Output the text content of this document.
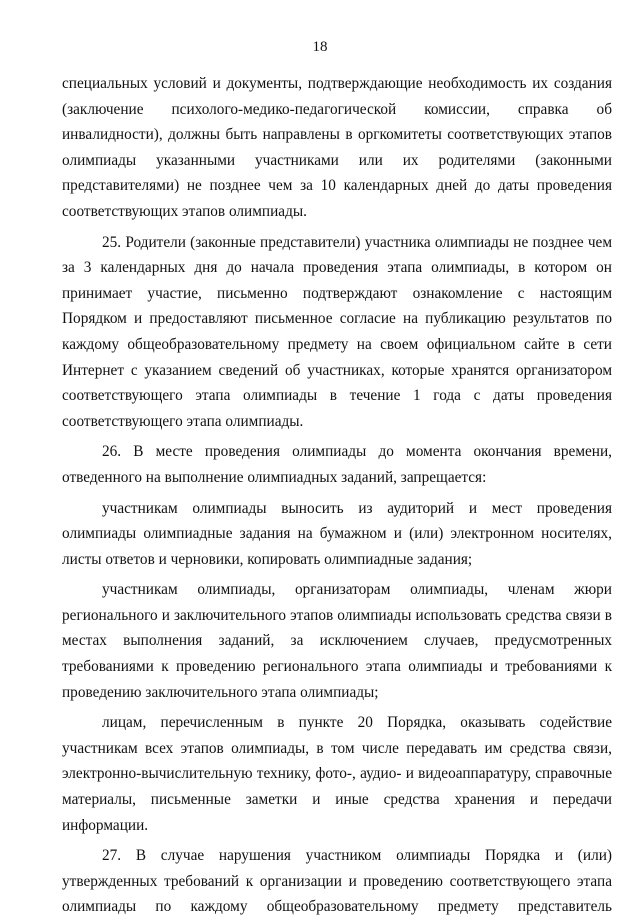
18

специальных условий и документы, подтверждающие необходимость их создания (заключение психолого-медико-педагогической комиссии, справка об инвалидности), должны быть направлены в оргкомитеты соответствующих этапов олимпиады указанными участниками или их родителями (законными представителями) не позднее чем за 10 календарных дней до даты проведения соответствующих этапов олимпиады.

25. Родители (законные представители) участника олимпиады не позднее чем за 3 календарных дня до начала проведения этапа олимпиады, в котором он принимает участие, письменно подтверждают ознакомление с настоящим Порядком и предоставляют письменное согласие на публикацию результатов по каждому общеобразовательному предмету на своем официальном сайте в сети Интернет с указанием сведений об участниках, которые хранятся организатором соответствующего этапа олимпиады в течение 1 года с даты проведения соответствующего этапа олимпиады.

26. В месте проведения олимпиады до момента окончания времени, отведенного на выполнение олимпиадных заданий, запрещается:

участникам олимпиады выносить из аудиторий и мест проведения олимпиады олимпиадные задания на бумажном и (или) электронном носителях, листы ответов и черновики, копировать олимпиадные задания;

участникам олимпиады, организаторам олимпиады, членам жюри регионального и заключительного этапов олимпиады использовать средства связи в местах выполнения заданий, за исключением случаев, предусмотренных требованиями к проведению регионального этапа олимпиады и требованиями к проведению заключительного этапа олимпиады;

лицам, перечисленным в пункте 20 Порядка, оказывать содействие участникам всех этапов олимпиады, в том числе передавать им средства связи, электронно-вычислительную технику, фото-, аудио- и видеоаппаратуру, справочные материалы, письменные заметки и иные средства хранения и передачи информации.

27. В случае нарушения участником олимпиады Порядка и (или) утвержденных требований к организации и проведению соответствующего этапа олимпиады по каждому общеобразовательному предмету представитель
